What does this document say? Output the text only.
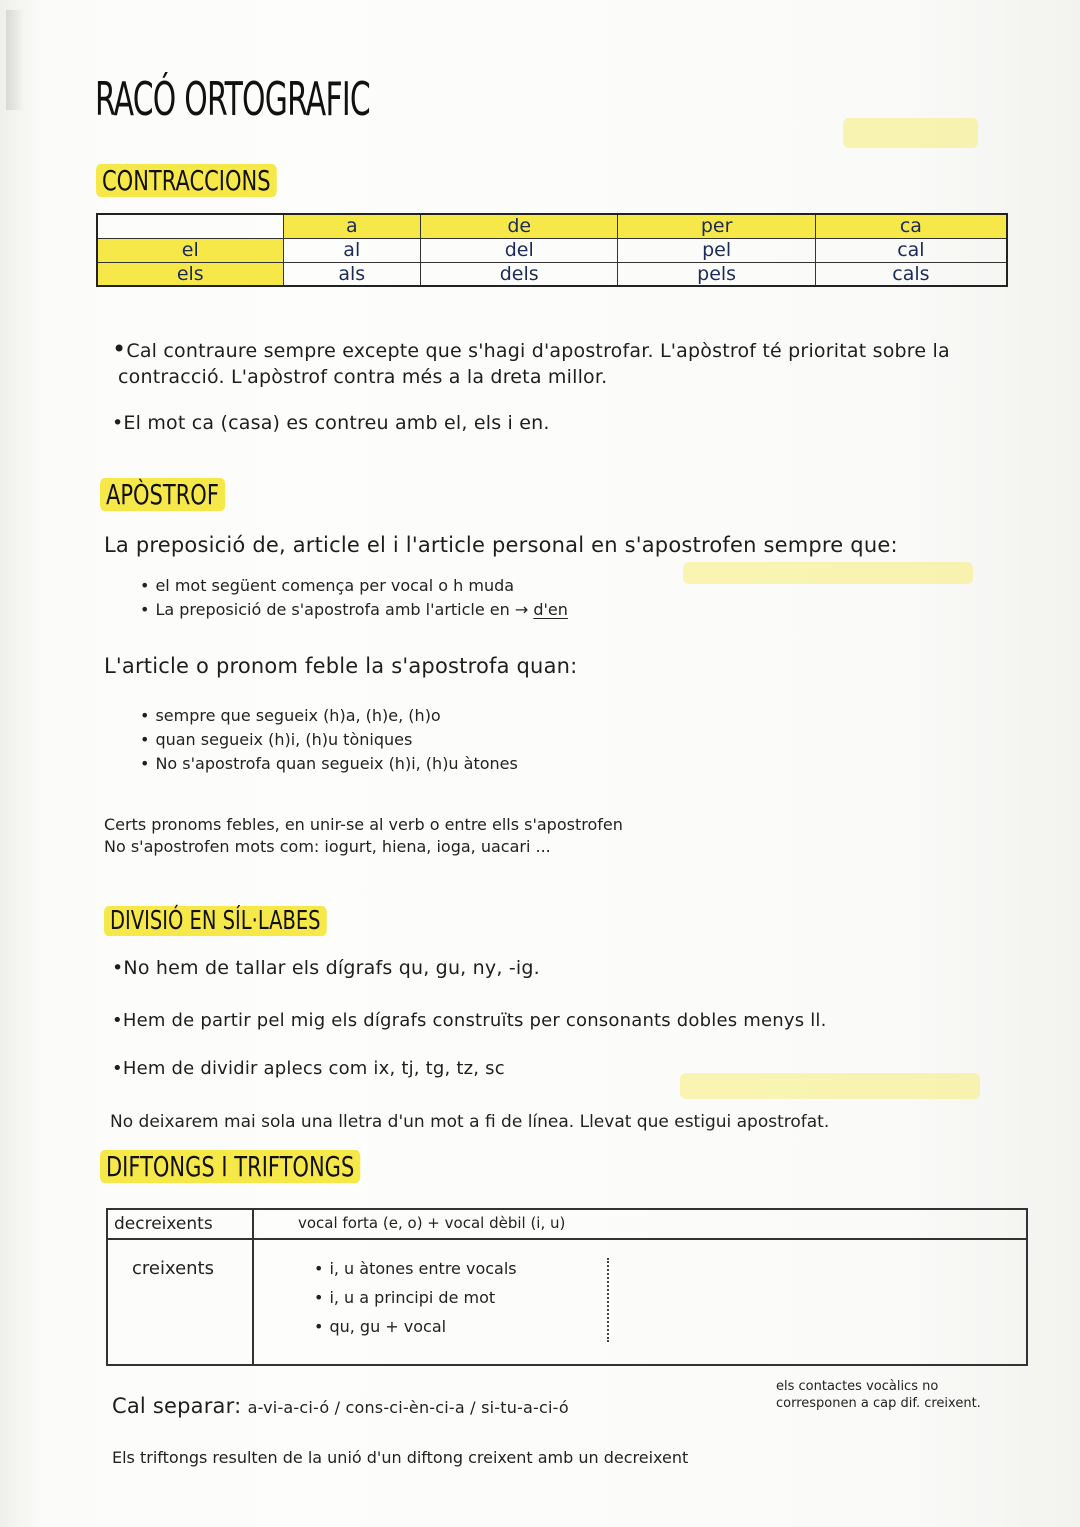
RACÓ ORTOGRAFIC
CONTRACCIONS
	a	de	per	ca
el	al	del	pel	cal
els	als	dels	pels	cals
•Cal contraure sempre excepte que s'hagi d'apostrofar. L'apòstrof té prioritat sobre la
contracció. L'apòstrof contra més a la dreta millor.
•El mot ca (casa) es contreu amb el, els i en.
APÒSTROF
La preposició de, article el i l'article personal en s'apostrofen sempre que:
• el mot següent comença per vocal o h muda
• La preposició de s'apostrofa amb l'article en → d'en
L'article o pronom feble la s'apostrofa quan:
• sempre que segueix (h)a, (h)e, (h)o
• quan segueix (h)i, (h)u tòniques
• No s'apostrofa quan segueix (h)i, (h)u àtones
Certs pronoms febles, en unir-se al verb o entre ells s'apostrofen
No s'apostrofen mots com: iogurt, hiena, ioga, uacari ...
DIVISIÓ EN SÍL·LABES
•No hem de tallar els dígrafs qu, gu, ny, -ig.
•Hem de partir pel mig els dígrafs construïts per consonants dobles menys ll.
•Hem de dividir aplecs com ix, tj, tg, tz, sc
No deixarem mai sola una lletra d'un mot a fi de línea. Llevat que estigui apostrofat.
DIFTONGS I TRIFTONGS
decreixents	vocal forta (e, o) + vocal dèbil (i, u)
creixents	
•i, u àtones entre vocals
• i, u a principi de mot
• qu, gu + vocal
Cal separar: a-vi-a-ci-ó / cons-ci-èn-ci-a / si-tu-a-ci-ó
els contactes vocàlics no
corresponen a cap dif. creixent.
Els triftongs resulten de la unió d'un diftong creixent amb un decreixent
